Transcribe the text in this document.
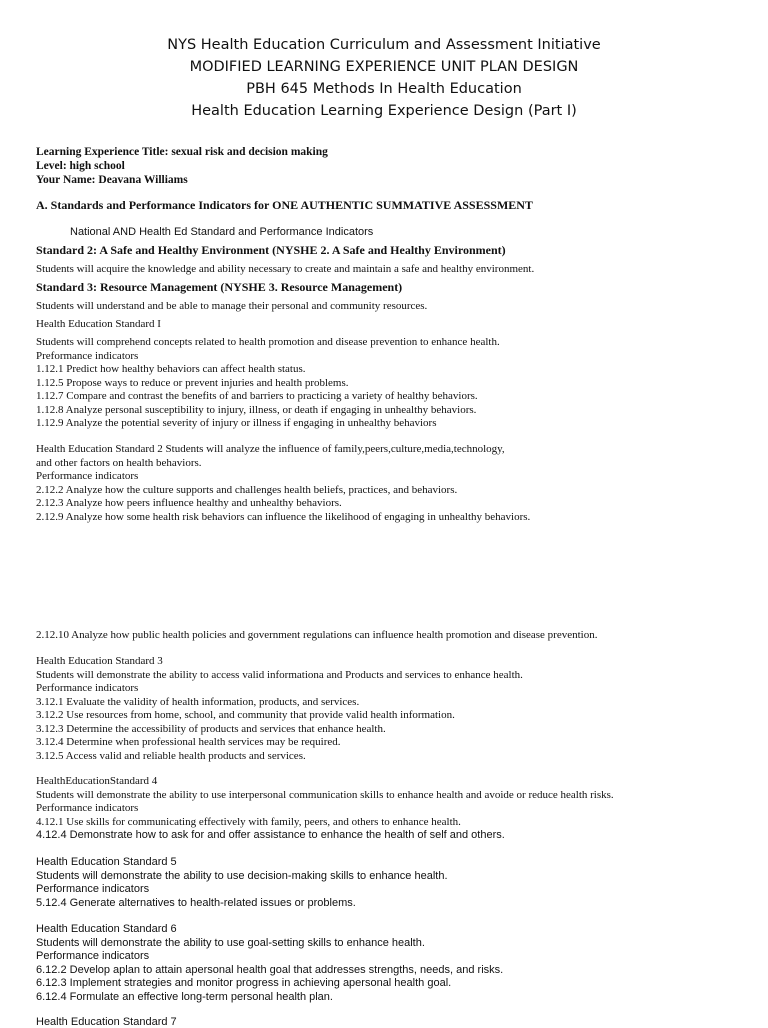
NYS Health Education Curriculum and Assessment Initiative
MODIFIED LEARNING EXPERIENCE UNIT PLAN DESIGN
PBH 645 Methods In Health Education
Health Education Learning Experience Design (Part I)
Learning Experience Title: sexual risk and decision making
Level: high school
Your Name: Deavana Williams
A. Standards and Performance Indicators for ONE AUTHENTIC SUMMATIVE ASSESSMENT
National AND Health Ed Standard and Performance Indicators
Standard 2: A Safe and Healthy Environment (NYSHE 2. A Safe and Healthy Environment)
Students will acquire the knowledge and ability necessary to create and maintain a safe and healthy environment.
Standard 3: Resource Management (NYSHE 3. Resource Management)
Students will understand and be able to manage their personal and community resources.
Health Education Standard I
Students will comprehend concepts related to health promotion and disease prevention to enhance health.
Preformance indicators
1.12.1 Predict how healthy behaviors can affect health status.
1.12.5 Propose ways to reduce or prevent injuries and health problems.
1.12.7 Compare and contrast the benefits of and barriers to practicing a variety of healthy behaviors.
1.12.8 Analyze personal susceptibility to injury, illness, or death if engaging in unhealthy behaviors.
1.12.9 Analyze the potential severity of injury or illness if engaging in unhealthy behaviors
Health Education Standard 2 Students will analyze the influence of family,peers,culture,media,technology,
and other factors on health behaviors.
Performance indicators
2.12.2 Analyze how the culture supports and challenges health beliefs, practices, and behaviors.
2.12.3 Analyze how peers influence healthy and unhealthy behaviors.
2.12.9 Analyze how some health risk behaviors can influence the likelihood of engaging in unhealthy behaviors.
2.12.10 Analyze how public health policies and government regulations can influence health promotion and disease prevention.
Health Education Standard 3
Students will demonstrate the ability to access valid informationa and Products and services to enhance health.
Performance indicators
3.12.1 Evaluate the validity of health information, products, and services.
3.12.2 Use resources from home, school, and community that provide valid health information.
3.12.3 Determine the accessibility of products and services that enhance health.
3.12.4 Determine when professional health services may be required.
3.12.5 Access valid and reliable health products and services.
HealthEducationStandard 4
Students will demonstrate the ability to use interpersonal communication skills to enhance health and avoide or reduce health risks.
Performance indicators
4.12.1 Use skills for communicating effectively with family, peers, and others to enhance health.
4.12.4 Demonstrate how to ask for and offer assistance to enhance the health of self and others.
Health Education Standard 5
Students will demonstrate the ability to use decision-making skills to enhance health.
Performance indicators
5.12.4 Generate alternatives to health-related issues or problems.
Health Education Standard 6
Students will demonstrate the ability to use goal-setting skills to enhance health.
Performance indicators
6.12.2 Develop aplan to attain apersonal health goal that addresses strengths, needs, and risks.
6.12.3 Implement strategies and monitor progress in achieving apersonal health goal.
6.12.4 Formulate an effective long-term personal health plan.
Health Education Standard 7
